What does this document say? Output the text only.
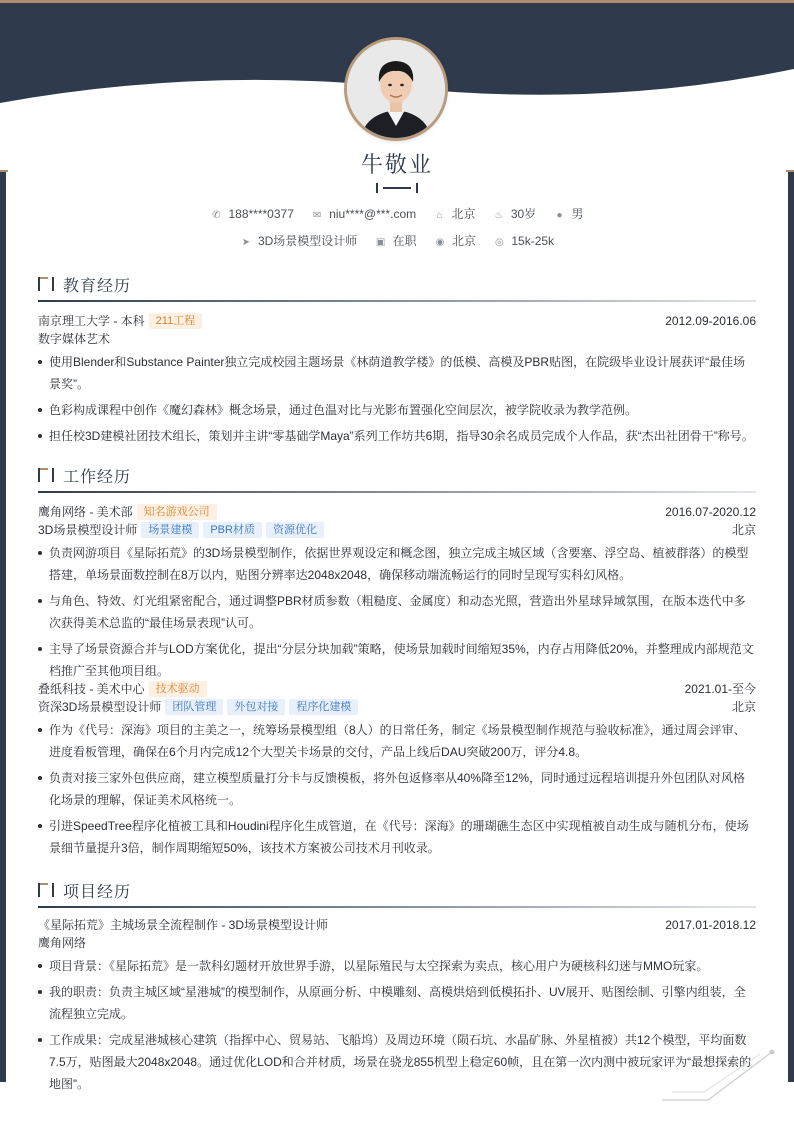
牛敬业
✆ 188****0377 ✉ niu****@***.com ⌂ 北京 ♨ 30岁 ● 男
➤ 3D场景模型设计师 ▣ 在职 ◉ 北京 ◎ 15k-25k
教育经历
南京理工大学 - 本科 211工程	2012.09-2016.06
数字媒体艺术
使用Blender和Substance Painter独立完成校园主题场景《林荫道教学楼》的低模、高模及PBR贴图，在院级毕业设计展获评“最佳场景奖”。
色彩构成课程中创作《魔幻森林》概念场景，通过色温对比与光影布置强化空间层次，被学院收录为教学范例。
担任校3D建模社团技术组长，策划并主讲“零基础学Maya”系列工作坊共6期，指导30余名成员完成个人作品，获“杰出社团骨干”称号。
工作经历
鹰角网络 - 美术部 知名游戏公司	2016.07-2020.12
3D场景模型设计师 场景建模 PBR材质 资源优化	北京
负责网游项目《星际拓荒》的3D场景模型制作，依据世界观设定和概念图，独立完成主城区域（含要塞、浮空岛、植被群落）的模型搭建，单场景面数控制在8万以内，贴图分辨率达2048x2048，确保移动端流畅运行的同时呈现写实科幻风格。
与角色、特效、灯光组紧密配合，通过调整PBR材质参数（粗糙度、金属度）和动态光照，营造出外星球异域氛围，在版本迭代中多次获得美术总监的“最佳场景表现”认可。
主导了场景资源合并与LOD方案优化，提出“分层分块加载”策略，使场景加载时间缩短35%，内存占用降低20%，并整理成内部规范文档推广至其他项目组。
叠纸科技 - 美术中心 技术驱动	2021.01-至今
资深3D场景模型设计师 团队管理 外包对接 程序化建模	北京
作为《代号：深海》项目的主美之一，统筹场景模型组（8人）的日常任务，制定《场景模型制作规范与验收标准》，通过周会评审、进度看板管理，确保在6个月内完成12个大型关卡场景的交付，产品上线后DAU突破200万，评分4.8。
负责对接三家外包供应商，建立模型质量打分卡与反馈模板，将外包返修率从40%降至12%，同时通过远程培训提升外包团队对风格化场景的理解，保证美术风格统一。
引进SpeedTree程序化植被工具和Houdini程序化生成管道，在《代号：深海》的珊瑚礁生态区中实现植被自动生成与随机分布，使场景细节量提升3倍，制作周期缩短50%，该技术方案被公司技术月刊收录。
项目经历
《星际拓荒》主城场景全流程制作 - 3D场景模型设计师	2017.01-2018.12
鹰角网络
项目背景：《星际拓荒》是一款科幻题材开放世界手游，以星际殖民与太空探索为卖点，核心用户为硬核科幻迷与MMO玩家。
我的职责：负责主城区域“星港城”的模型制作，从原画分析、中模雕刻、高模烘焙到低模拓扑、UV展开、贴图绘制、引擎内组装，全流程独立完成。
工作成果：完成星港城核心建筑（指挥中心、贸易站、飞船坞）及周边环境（陨石坑、水晶矿脉、外星植被）共12个模型，平均面数7.5万，贴图最大2048x2048。通过优化LOD和合并材质，场景在骁龙855机型上稳定60帧，且在第一次内测中被玩家评为“最想探索的地图”。
